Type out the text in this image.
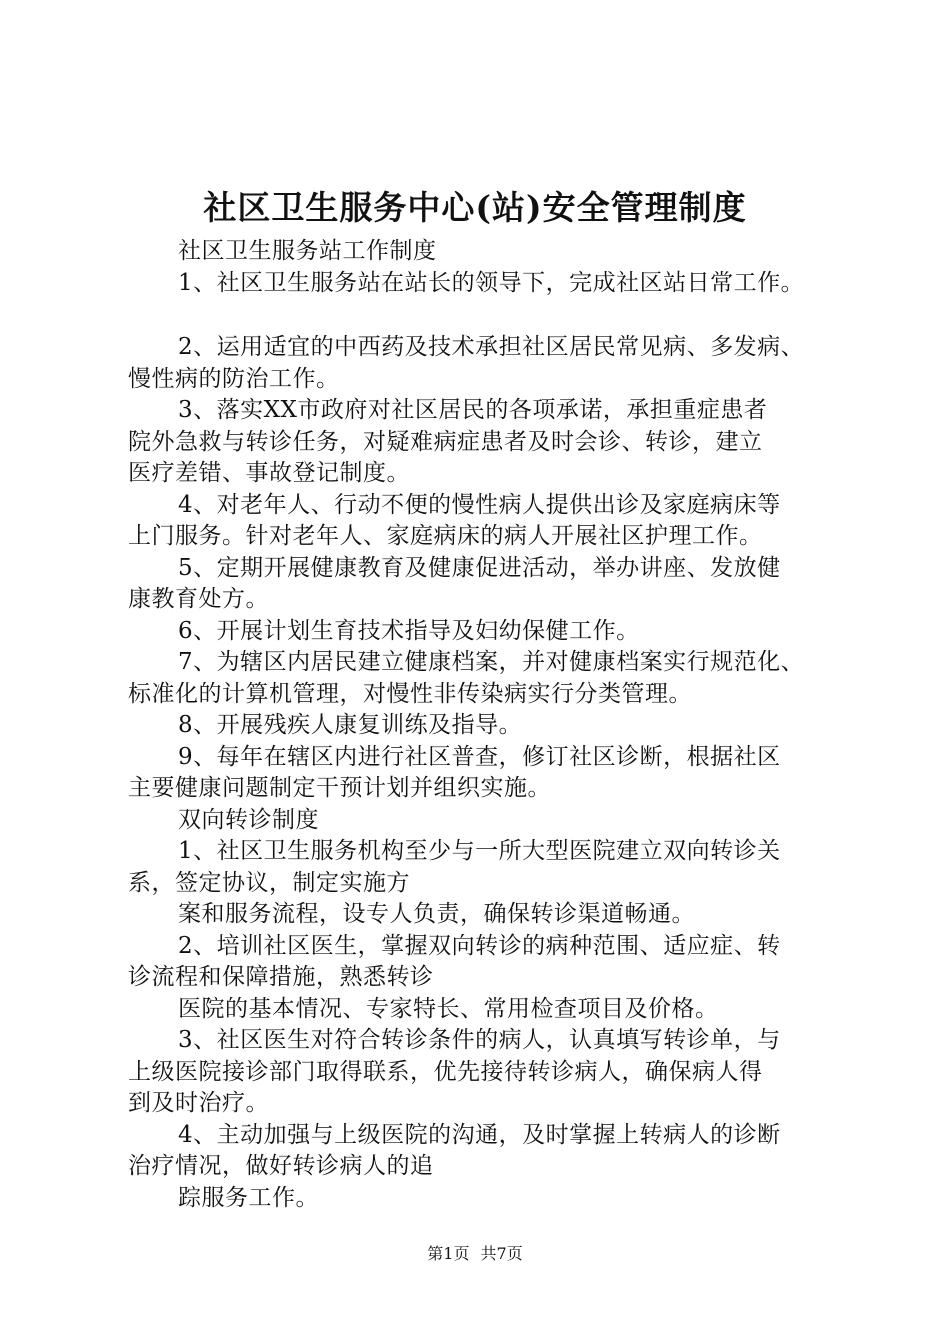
社区卫生服务中心(站)安全管理制度
社区卫生服务站工作制度
1、社区卫生服务站在站长的领导下，完成社区站日常工作。
2、运用适宜的中西药及技术承担社区居民常见病、多发病、
慢性病的防治工作。
3、落实XX市政府对社区居民的各项承诺，承担重症患者
院外急救与转诊任务，对疑难病症患者及时会诊、转诊，建立
医疗差错、事故登记制度。
4、对老年人、行动不便的慢性病人提供出诊及家庭病床等
上门服务。针对老年人、家庭病床的病人开展社区护理工作。
5、定期开展健康教育及健康促进活动，举办讲座、发放健
康教育处方。
6、开展计划生育技术指导及妇幼保健工作。
7、为辖区内居民建立健康档案，并对健康档案实行规范化、
标准化的计算机管理，对慢性非传染病实行分类管理。
8、开展残疾人康复训练及指导。
9、每年在辖区内进行社区普查，修订社区诊断，根据社区
主要健康问题制定干预计划并组织实施。
双向转诊制度
1、社区卫生服务机构至少与一所大型医院建立双向转诊关
系，签定协议，制定实施方
案和服务流程，设专人负责，确保转诊渠道畅通。
2、培训社区医生，掌握双向转诊的病种范围、适应症、转
诊流程和保障措施，熟悉转诊
医院的基本情况、专家特长、常用检查项目及价格。
3、社区医生对符合转诊条件的病人，认真填写转诊单，与
上级医院接诊部门取得联系，优先接待转诊病人，确保病人得
到及时治疗。
4、主动加强与上级医院的沟通，及时掌握上转病人的诊断
治疗情况，做好转诊病人的追
踪服务工作。
第1页 共7页
